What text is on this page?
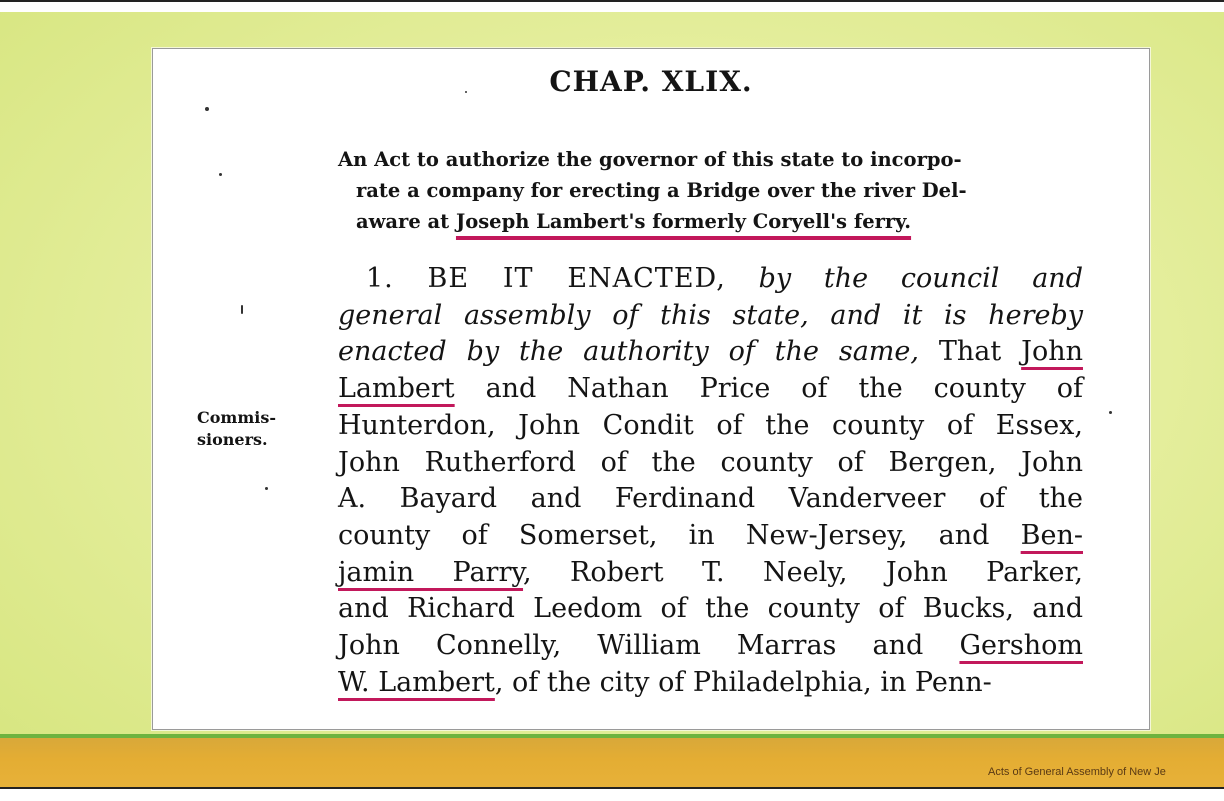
CHAP. XLIX.
An Act to authorize the governor of this state to incorpo-
rate a company for erecting a Bridge over the river Del-
aware at Joseph Lambert's formerly Coryell's ferry.
Commis-
sioners.
1. BE IT ENACTED, by the council and
general assembly of this state, and it is hereby
enacted by the authority of the same, That John
Lambert and Nathan Price of the county of
Hunterdon, John Condit of the county of Essex,
John Rutherford of the county of Bergen, John
A. Bayard and Ferdinand Vanderveer of the
county of Somerset, in New-Jersey, and Ben-
jamin Parry, Robert T. Neely, John Parker,
and Richard Leedom of the county of Bucks, and
John Connelly, William Marras and Gershom
W. Lambert, of the city of Philadelphia, in Penn-
Acts of General Assembly of New Je
